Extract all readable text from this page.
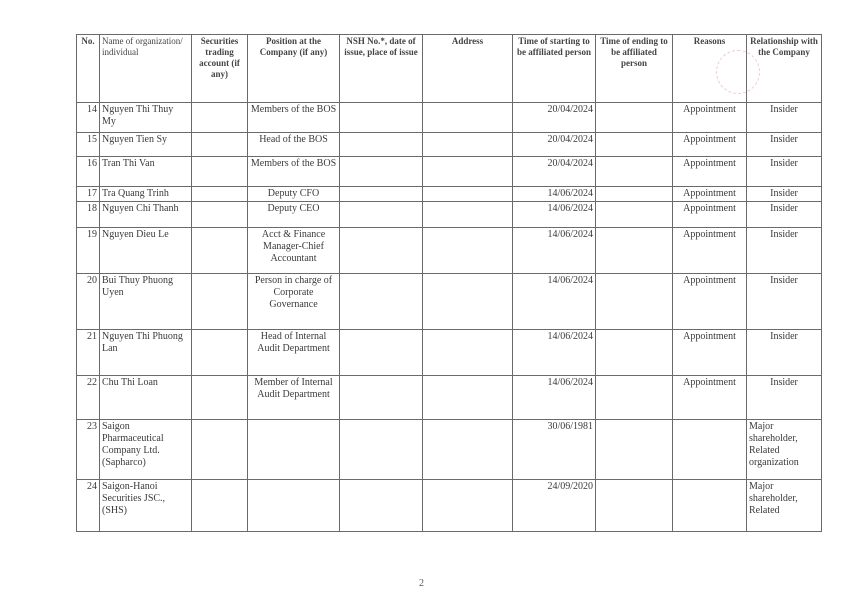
No.	Name of organization/ individual	Securities trading account (if any)	Position at the Company (if any)	NSH No.*, date of issue, place of issue	Address	Time of starting to be affiliated person	Time of ending to be affiliated person	Reasons	Relationship with the Company
14	Nguyen Thi Thuy My		Members of the BOS			20/04/2024		Appointment	Insider
15	Nguyen Tien Sy		Head of the BOS			20/04/2024		Appointment	Insider
16	Tran Thi Van		Members of the BOS			20/04/2024		Appointment	Insider
17	Tra Quang Trinh		Deputy CFO			14/06/2024		Appointment	Insider
18	Nguyen Chi Thanh		Deputy CEO			14/06/2024		Appointment	Insider
19	Nguyen Dieu Le		Acct & Finance Manager-Chief Accountant			14/06/2024		Appointment	Insider
20	Bui Thuy Phuong Uyen		Person in charge of Corporate Governance			14/06/2024		Appointment	Insider
21	Nguyen Thi Phuong Lan		Head of Internal Audit Department			14/06/2024		Appointment	Insider
22	Chu Thi Loan		Member of Internal Audit Department			14/06/2024		Appointment	Insider
23	Saigon Pharmaceutical Company Ltd. (Sapharco)					30/06/1981			Major shareholder, Related organization
24	Saigon-Hanoi Securities JSC., (SHS)					24/09/2020			Major shareholder, Related
2
